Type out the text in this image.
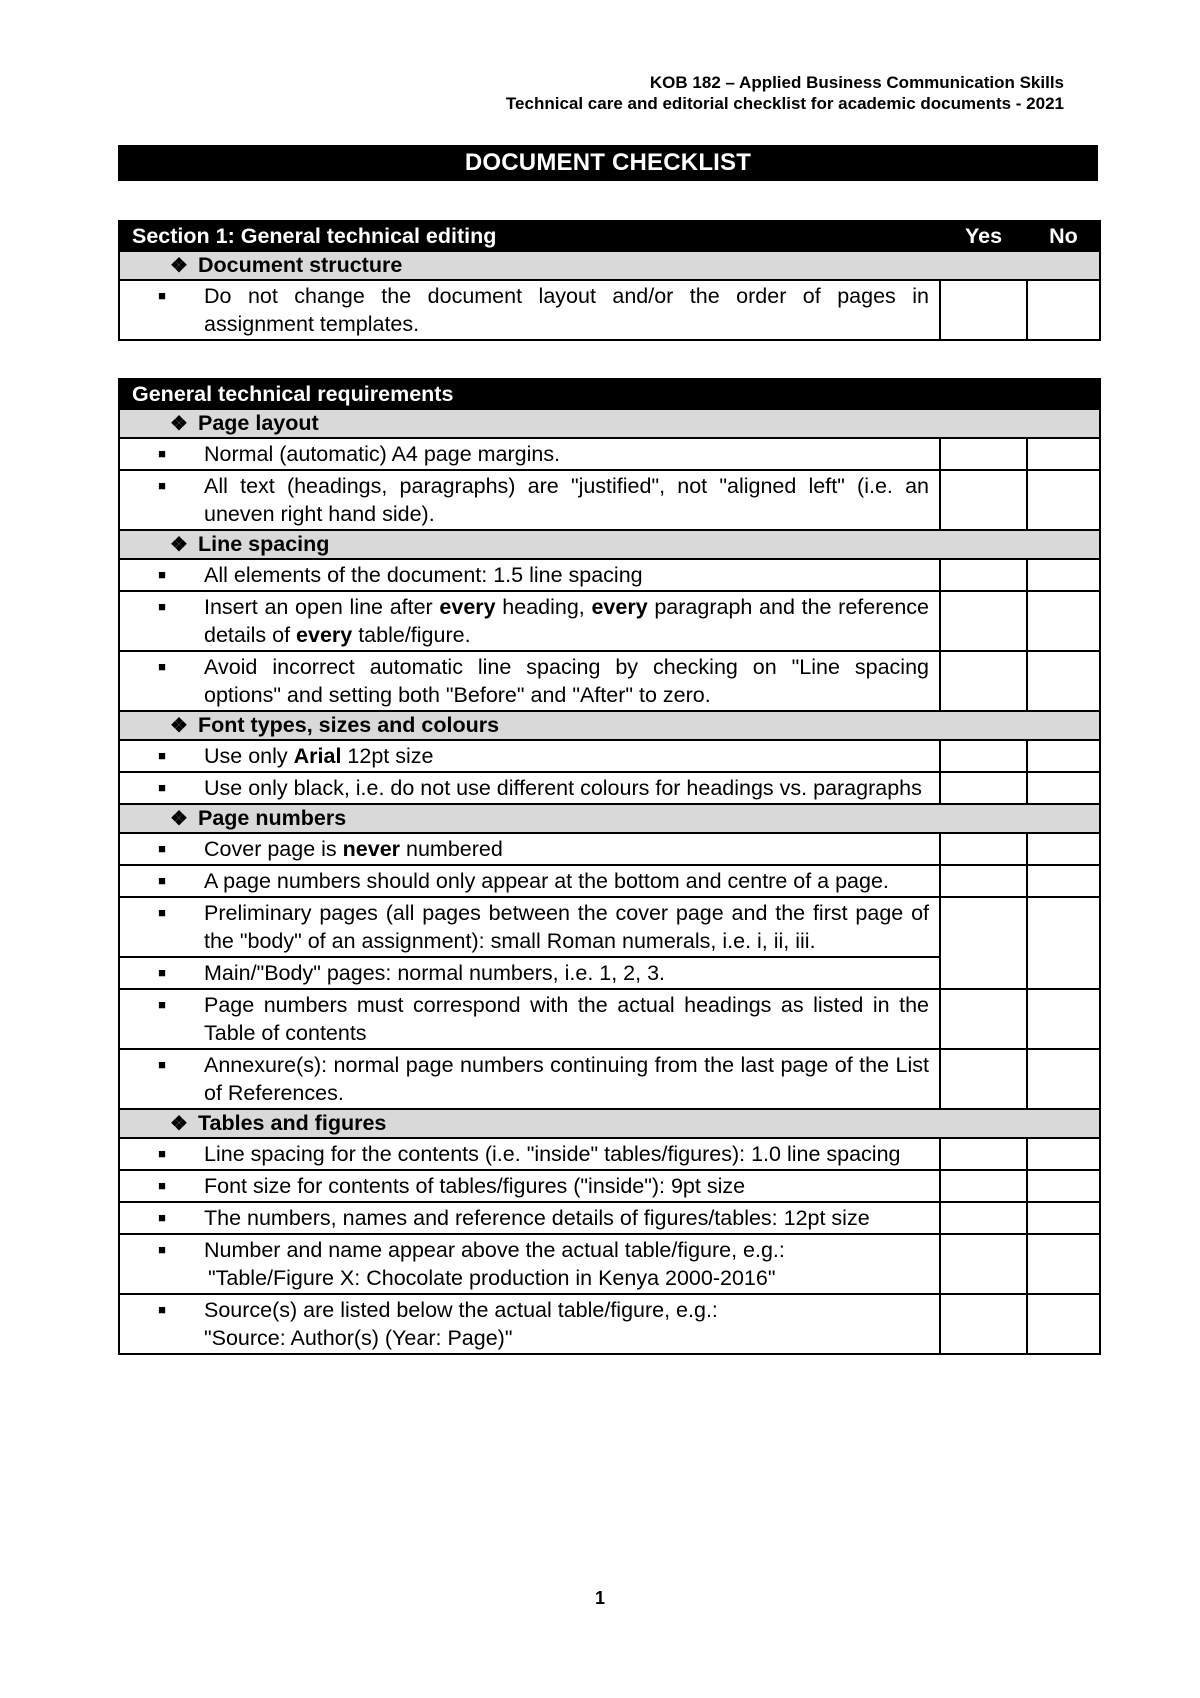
KOB 182 – Applied Business Communication Skills
Technical care and editorial checklist for academic documents - 2021
DOCUMENT CHECKLIST
Section 1: General technical editing	Yes	No

❖ Document structure		

■ Do not change the document layout and/or the order of pages in assignment templates.		

General technical requirements		

❖ Page layout		

■ Normal (automatic) A4 page margins.		

■ All text (headings, paragraphs) are "justified", not "aligned left" (i.e. an uneven right hand side).		

❖ Line spacing		

■ All elements of the document: 1.5 line spacing		

■ Insert an open line after every heading, every paragraph and the reference details of every table/figure.		

■ Avoid incorrect automatic line spacing by checking on "Line spacing options" and setting both "Before" and "After" to zero.		

❖ Font types, sizes and colours		

■ Use only Arial 12pt size		

■ Use only black, i.e. do not use different colours for headings vs. paragraphs		

❖ Page numbers		

■ Cover page is never numbered		

■ A page numbers should only appear at the bottom and centre of a page.		

■ Preliminary pages (all pages between the cover page and the first page of the "body" of an assignment): small Roman numerals, i.e. i, ii, iii.		

■ Main/"Body" pages: normal numbers, i.e. 1, 2, 3.		

■ Page numbers must correspond with the actual headings as listed in the Table of contents		

■ Annexure(s): normal page numbers continuing from the last page of the List of References.		

❖ Tables and figures		

■ Line spacing for the contents (i.e. "inside" tables/figures): 1.0 line spacing		

■ Font size for contents of tables/figures ("inside"): 9pt size		

■ The numbers, names and reference details of figures/tables: 12pt size		

■ Number and name appear above the actual table/figure, e.g.:
"Table/Figure X: Chocolate production in Kenya 2000-2016"		

■ Source(s) are listed below the actual table/figure, e.g.:
"Source: Author(s) (Year: Page)"		

1
